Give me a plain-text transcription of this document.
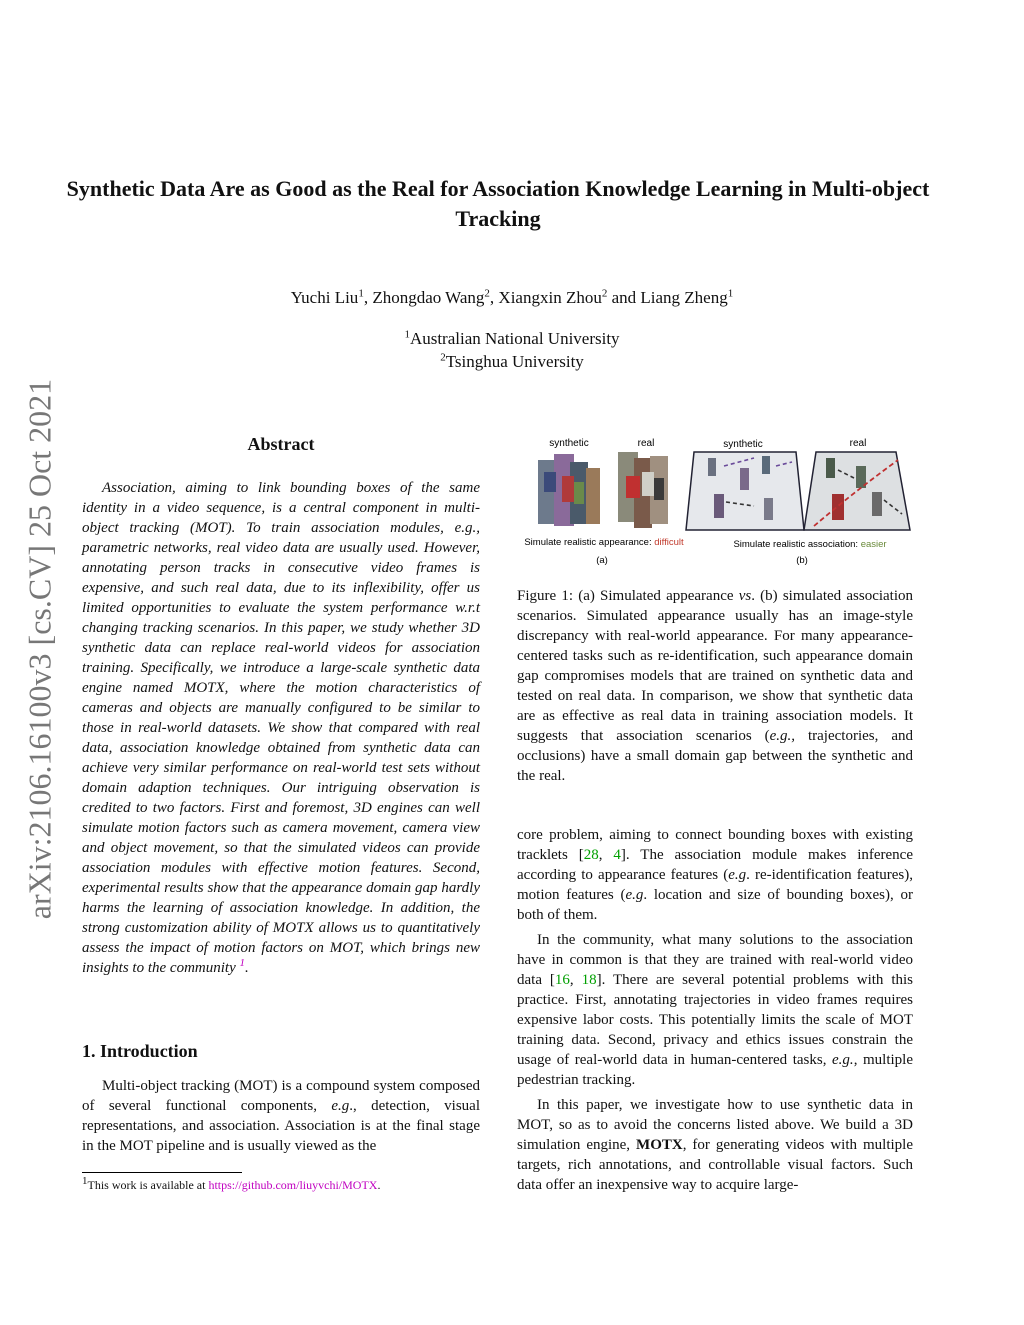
Synthetic Data Are as Good as the Real for Association Knowledge Learning in Multi-object Tracking
Yuchi Liu$^1$, Zhongdao Wang$^2$, Xiangxin Zhou$^2$ and Liang Zheng$^1$
$^1$Australian National University
$^2$Tsinghua University
arXiv:2106.16100v3 [cs.CV] 25 Oct 2021	Abstract
Association, aiming to link bounding boxes of the same identity in a video sequence, is a central component in multi-object tracking (MOT). To train association modules, e.g., parametric networks, real video data are usually used. However, annotating person tracks in consecutive video frames is expensive, and such real data, due to its inflexibility, offer us limited opportunities to evaluate the system performance w.r.t changing tracking scenarios. In this paper, we study whether 3D synthetic data can replace real-world videos for association training. Specifically, we introduce a large-scale synthetic data engine named MOTX, where the motion characteristics of cameras and objects are manually configured to be similar to those in real-world datasets. We show that compared with real data, association knowledge obtained from synthetic data can achieve very similar performance on real-world test sets without domain adaption techniques. Our intriguing observation is credited to two factors. First and foremost, 3D engines can well simulate motion factors such as camera movement, camera view and object movement, so that the simulated videos can provide association modules with effective motion features. Second, experimental results show that the appearance domain gap hardly harms the learning of association knowledge. In addition, the strong customization ability of MOTX allows us to quantitatively assess the impact of motion factors on MOT, which brings new insights to the community $^1$.
1. Introduction
Multi-object tracking (MOT) is a compound system composed of several functional components, e.g., detection, visual representations, and association. Association is at the final stage in the MOT pipeline and is usually viewed as the
$^1$This work is available at https://github.com/liuyvchi/MOTX.
synthetic	real	synthetic	real
Simulate realistic appearance: difficult
(a)
Simulate realistic association: easier
(b)
Figure 1: (a) Simulated appearance vs. (b) simulated association scenarios. Simulated appearance usually has an image-style discrepancy with real-world appearance. For many appearance-centered tasks such as re-identification, such appearance domain gap compromises models that are trained on synthetic data and tested on real data. In comparison, we show that synthetic data are as effective as real data in training association models. It suggests that association scenarios (e.g., trajectories, and occlusions) have a small domain gap between the synthetic and the real.
core problem, aiming to connect bounding boxes with existing tracklets [28, 4]. The association module makes inference according to appearance features (e.g. re-identification features), motion features (e.g. location and size of bounding boxes), or both of them.
In the community, what many solutions to the association have in common is that they are trained with real-world video data [16, 18]. There are several potential problems with this practice. First, annotating trajectories in video frames requires expensive labor costs. This potentially limits the scale of MOT training data. Second, privacy and ethics issues constrain the usage of real-world data in human-centered tasks, e.g., multiple pedestrian tracking.
In this paper, we investigate how to use synthetic data in MOT, so as to avoid the concerns listed above. We build a 3D simulation engine, MOTX, for generating videos with multiple targets, rich annotations, and controllable visual factors. Such data offer an inexpensive way to acquire large-
